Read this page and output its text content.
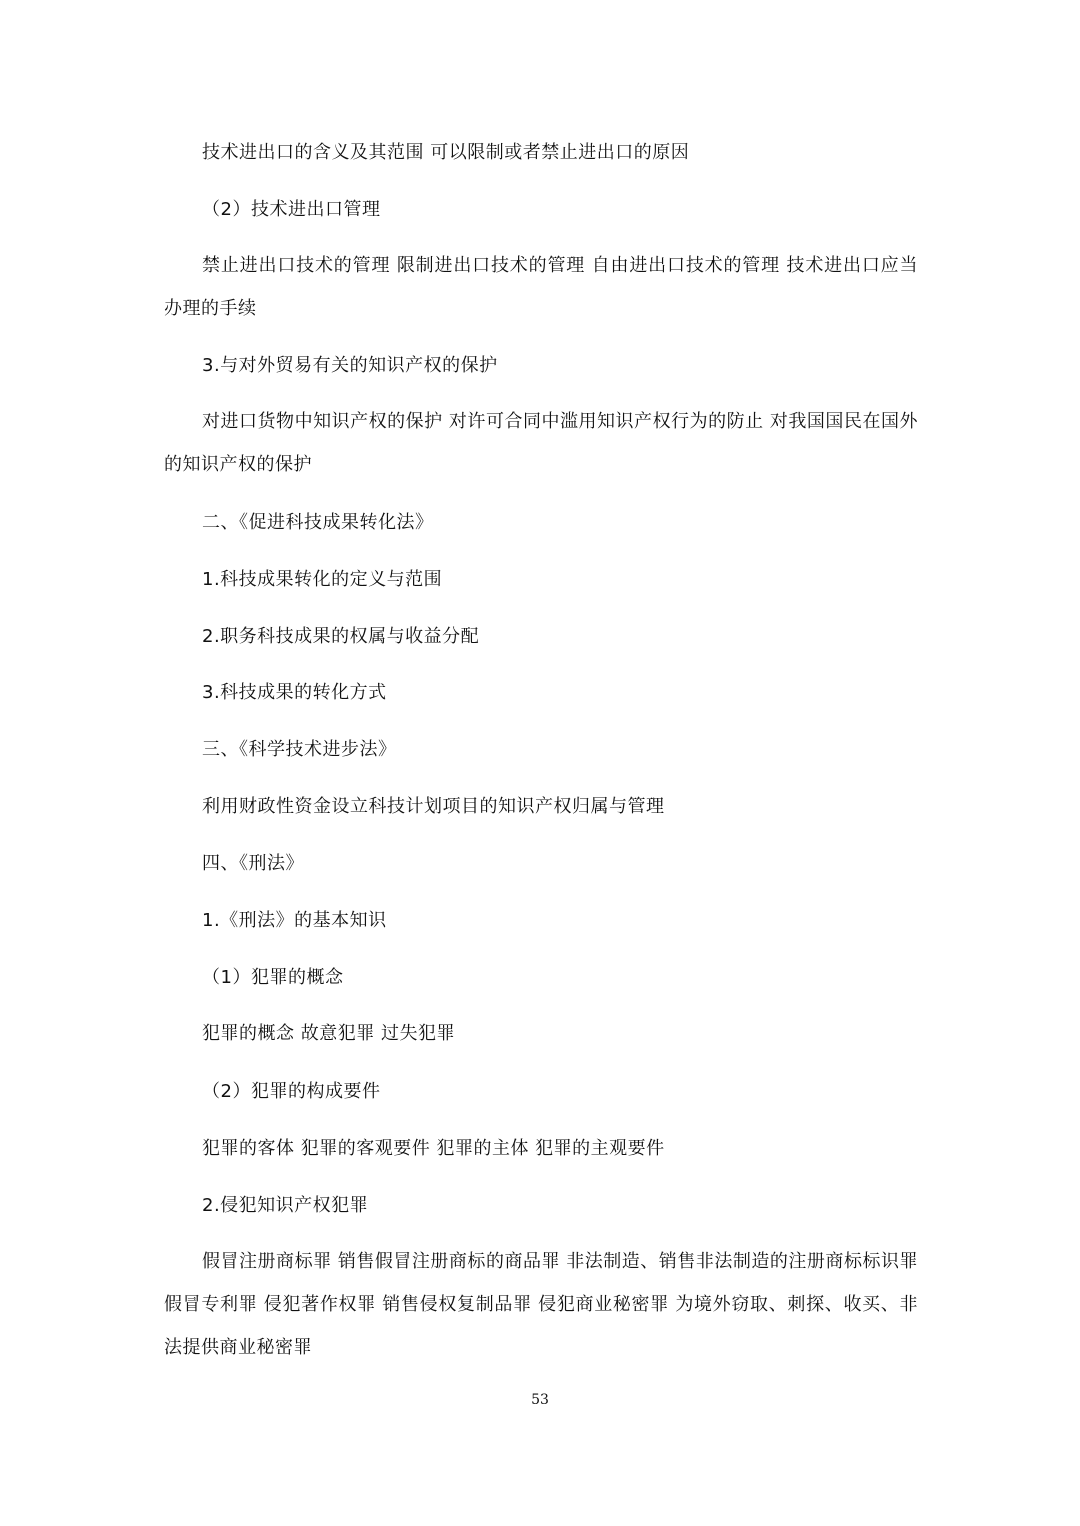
技术进出口的含义及其范围 可以限制或者禁止进出口的原因
（2）技术进出口管理
禁止进出口技术的管理 限制进出口技术的管理 自由进出口技术的管理 技术进出口应当办理的手续
3.与对外贸易有关的知识产权的保护
对进口货物中知识产权的保护 对许可合同中滥用知识产权行为的防止 对我国国民在国外的知识产权的保护
二、《促进科技成果转化法》
1.科技成果转化的定义与范围
2.职务科技成果的权属与收益分配
3.科技成果的转化方式
三、《科学技术进步法》
利用财政性资金设立科技计划项目的知识产权归属与管理
四、《刑法》
1.《刑法》的基本知识
（1）犯罪的概念
犯罪的概念 故意犯罪 过失犯罪
（2）犯罪的构成要件
犯罪的客体 犯罪的客观要件 犯罪的主体 犯罪的主观要件
2.侵犯知识产权犯罪
假冒注册商标罪 销售假冒注册商标的商品罪 非法制造、销售非法制造的注册商标标识罪 假冒专利罪 侵犯著作权罪 销售侵权复制品罪 侵犯商业秘密罪 为境外窃取、刺探、收买、非法提供商业秘密罪
53
